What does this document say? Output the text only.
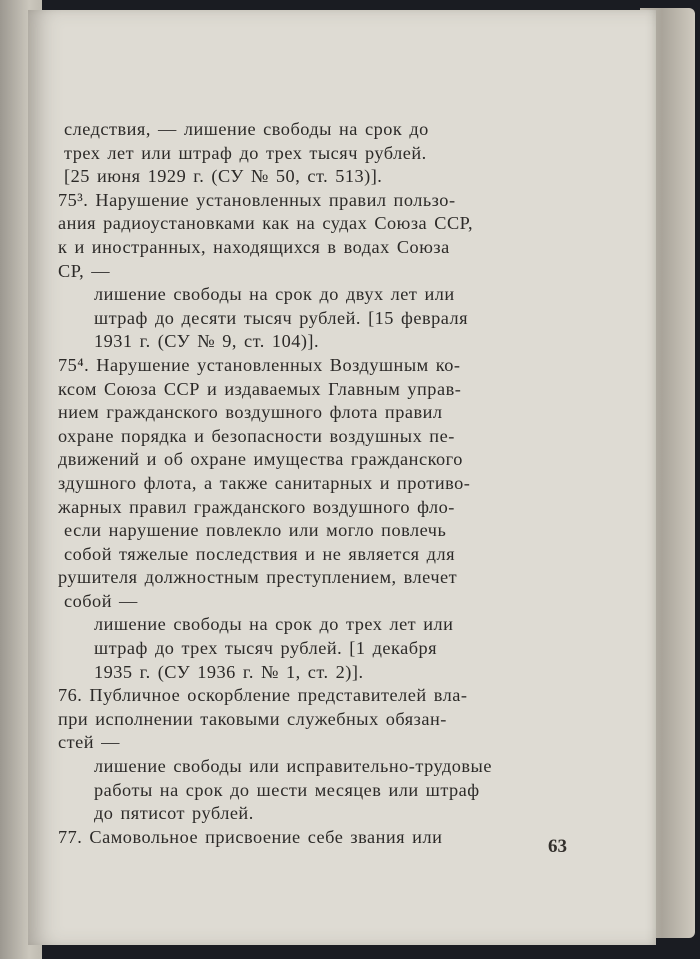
следствия, — лишение свободы на срок до
трех лет или штраф до трех тысяч рублей.
[25 июня 1929 г. (СУ № 50, ст. 513)].
75³. Нарушение установленных правил пользо-
ания радиоустановками как на судах Союза ССР,
к и иностранных, находящихся в водах Союза
СР, —
лишение свободы на срок до двух лет или
штраф до десяти тысяч рублей. [15 февраля
1931 г. (СУ № 9, ст. 104)].
75⁴. Нарушение установленных Воздушным ко-
ксом Союза ССР и издаваемых Главным управ-
нием гражданского воздушного флота правил
охране порядка и безопасности воздушных пе-
движений и об охране имущества гражданского
здушного флота, а также санитарных и противо-
жарных правил гражданского воздушного фло-
если нарушение повлекло или могло повлечь
собой тяжелые последствия и не является для
рушителя должностным преступлением, влечет
собой —
лишение свободы на срок до трех лет или
штраф до трех тысяч рублей. [1 декабря
1935 г. (СУ 1936 г. № 1, ст. 2)].
76. Публичное оскорбление представителей вла-
при исполнении таковыми служебных обязан-
стей —
лишение свободы или исправительно-трудовые
работы на срок до шести месяцев или штраф
до пятисот рублей.
77. Самовольное присвоение себе звания или	63
